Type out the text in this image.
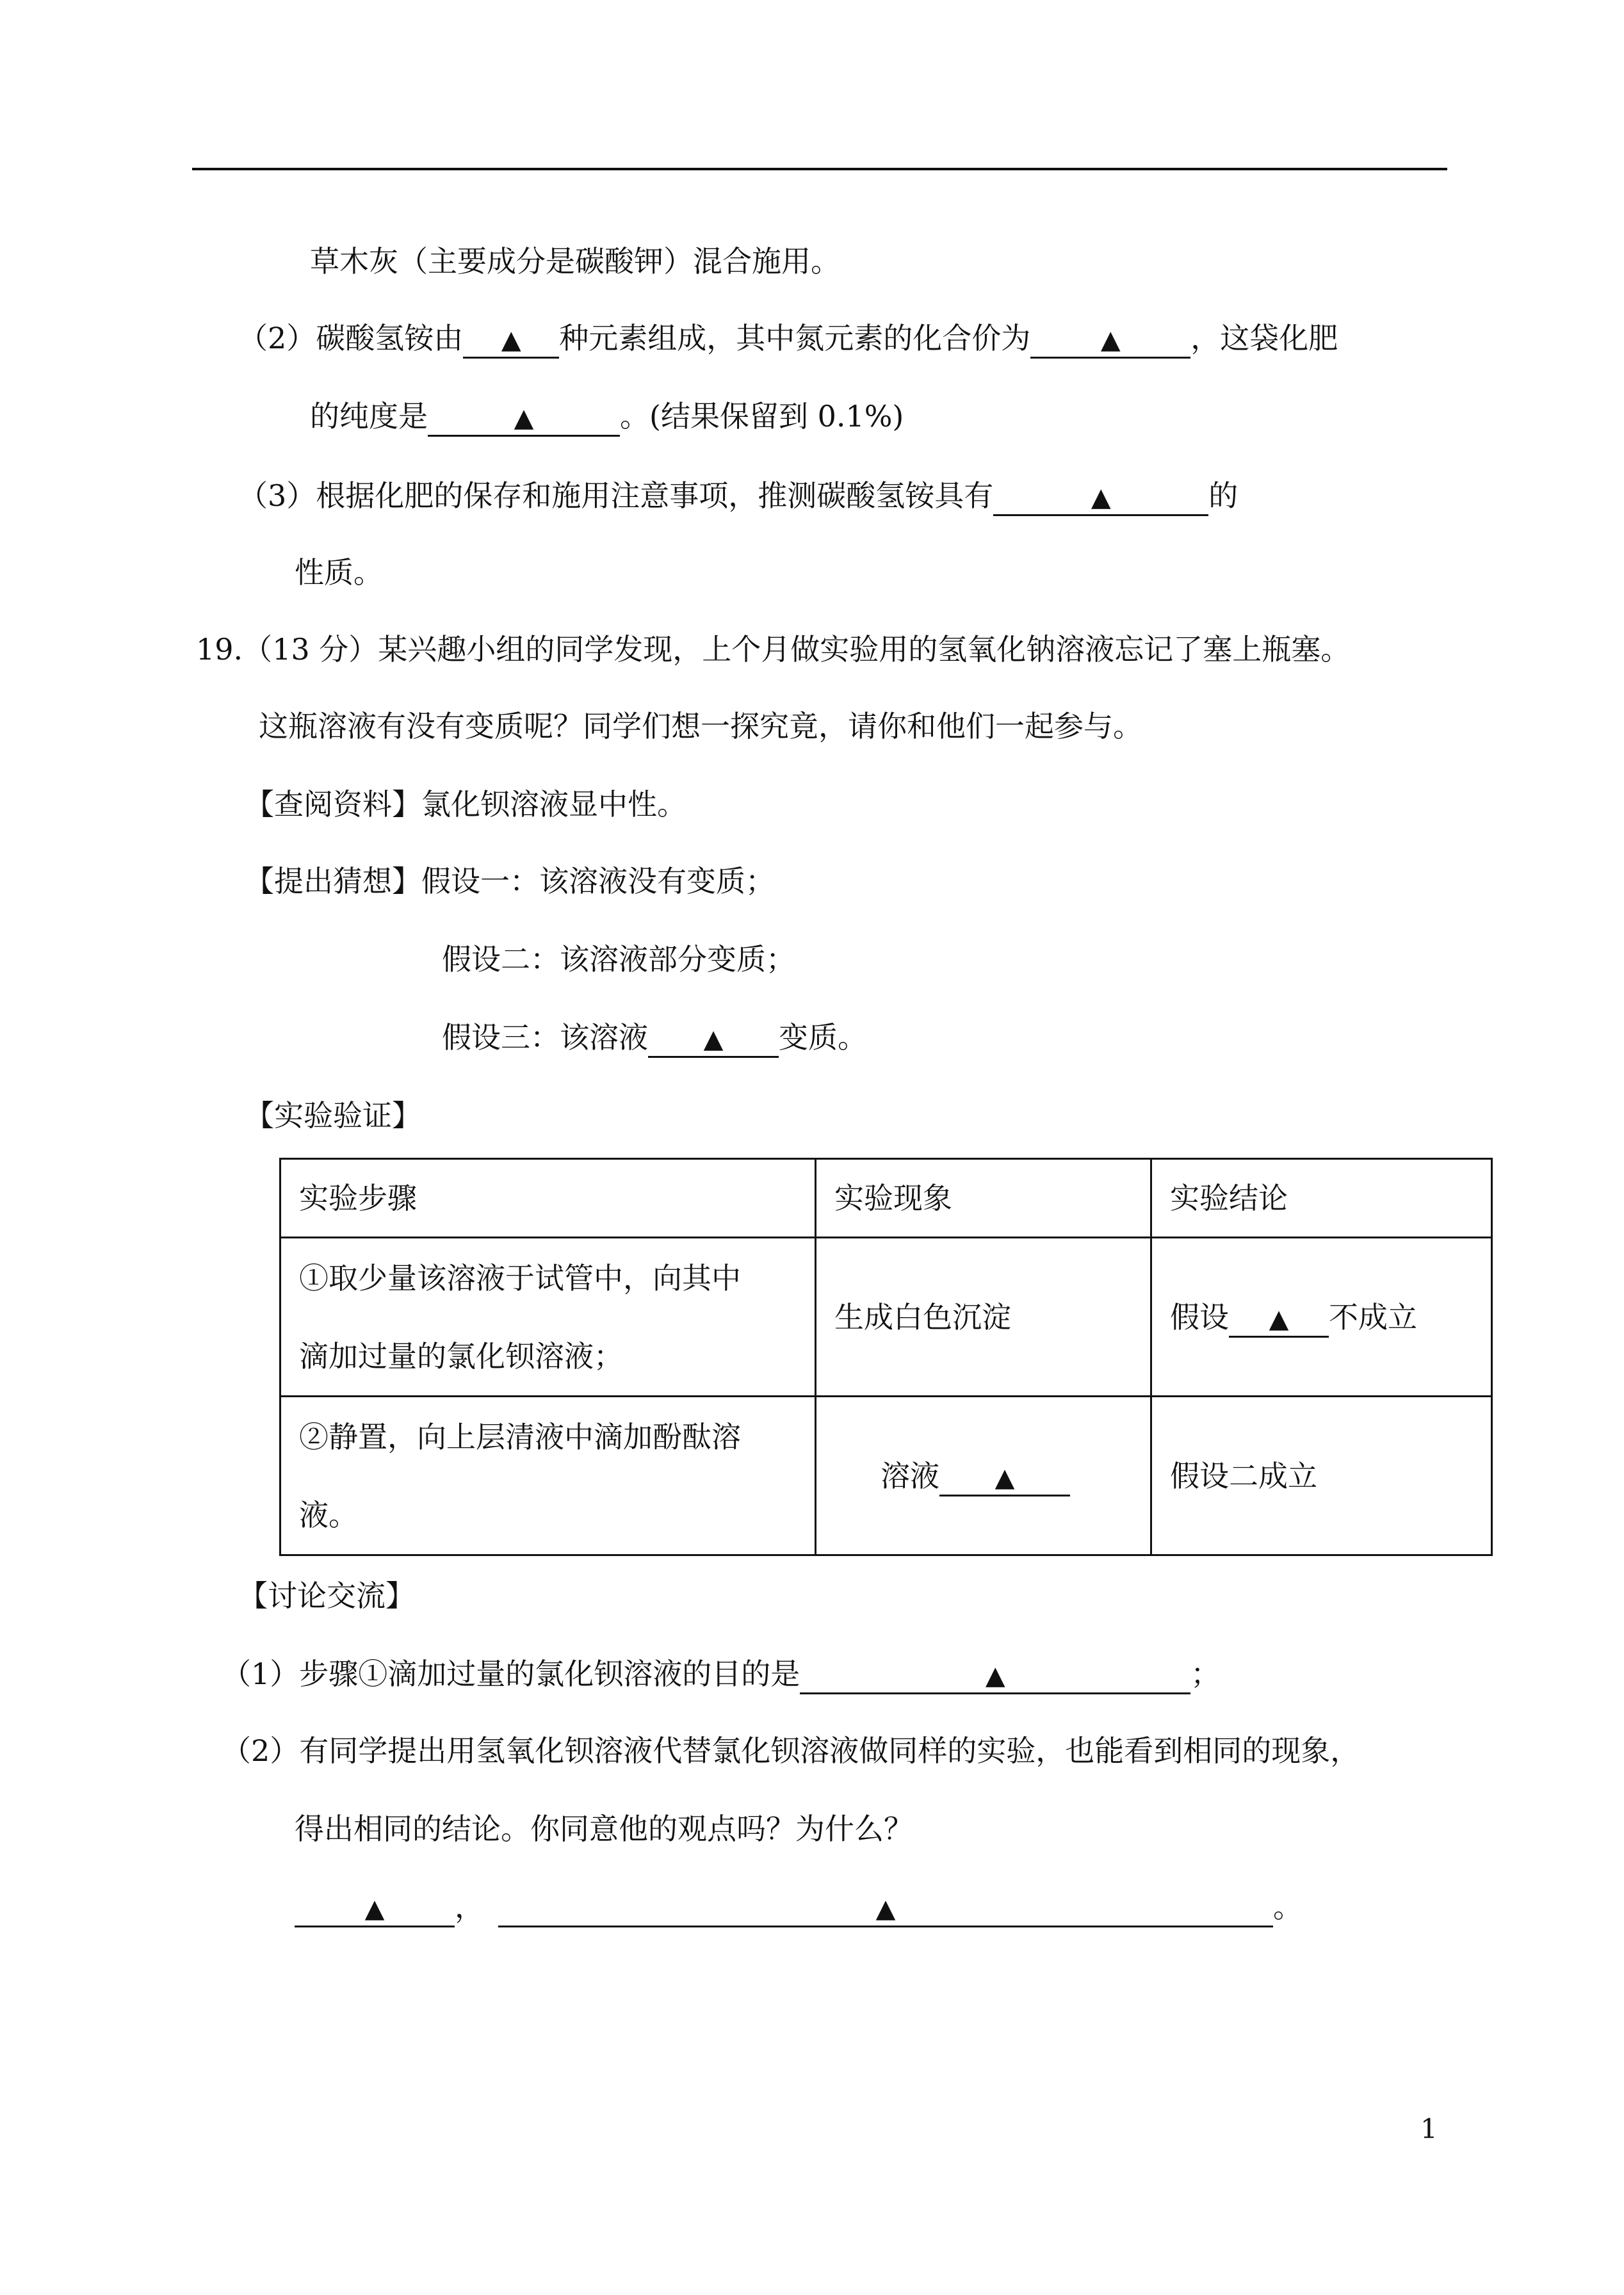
草木灰（主要成分是碳酸钾）混合施用。
（2）碳酸氢铵由 ▲ 种元素组成，其中氮元素的化合价为	▲ ，这袋化肥
的纯度是	▲	。(结果保留到 0.1%)
（3）根据化肥的保存和施用注意事项，推测碳酸氢铵具有	▲	的
性质。
19.（13 分）某兴趣小组的同学发现，上个月做实验用的氢氧化钠溶液忘记了塞上瓶塞。
这瓶溶液有没有变质呢？同学们想一探究竟，请你和他们一起参与。
【查阅资料】氯化钡溶液显中性。
【提出猜想】假设一：该溶液没有变质；
假设二：该溶液部分变质；
假设三：该溶液 ▲ 变质。
【实验验证】
实验步骤	实验现象	实验结论

①取少量该溶液于试管中，向其中
滴加过量的氯化钡溶液；	生成白色沉淀	假设 ▲ 不成立

②静置，向上层清液中滴加酚酞溶
液。	溶液 ▲	假设二成立
【讨论交流】
（1）步骤①滴加过量的氯化钡溶液的目的是	▲	；
（2）有同学提出用氢氧化钡溶液代替氯化钡溶液做同样的实验，也能看到相同的现象，
得出相同的结论。你同意他的观点吗？为什么？
▲ ，	▲	。
1
